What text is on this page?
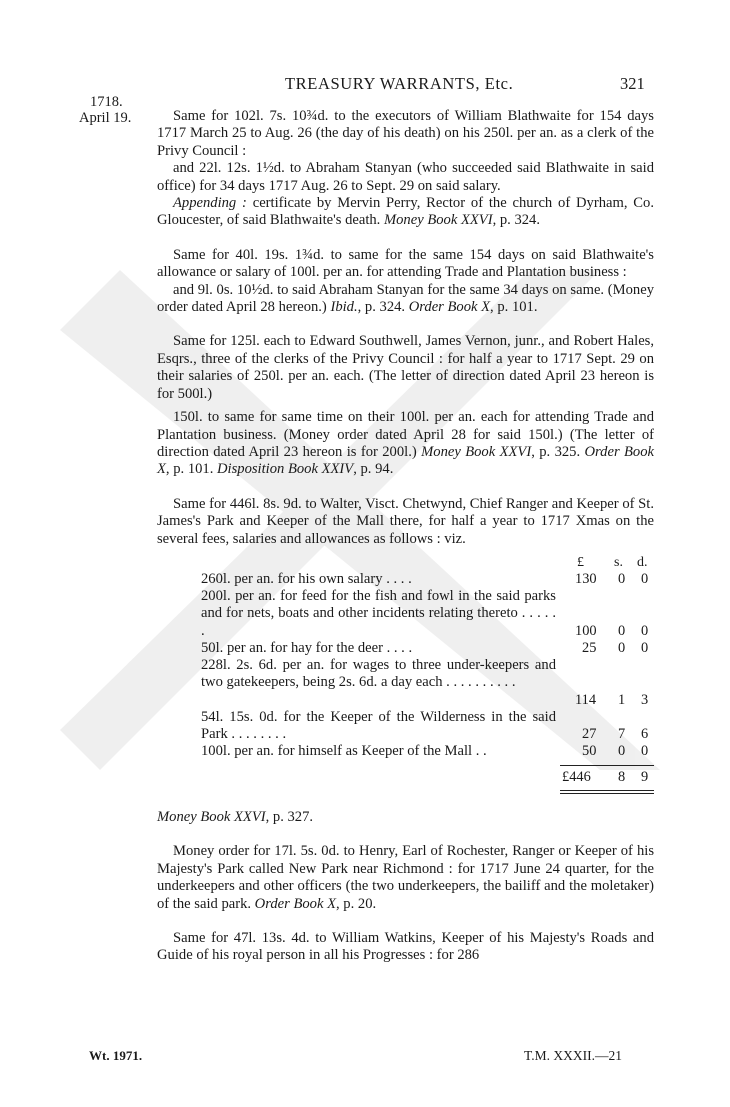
TREASURY WARRANTS, Etc.	321
1718.
April 19.	Same for 102l. 7s. 10¾d. to the executors of William Blathwaite for 154 days 1717 March 25 to Aug. 26 (the day of his death) on his 250l. per an. as a clerk of the Privy Council :

and 22l. 12s. 1½d. to Abraham Stanyan (who succeeded said Blathwaite in said office) for 34 days 1717 Aug. 26 to Sept. 29 on said salary.

Appending : certificate by Mervin Perry, Rector of the church of Dyrham, Co. Gloucester, of said Blathwaite's death. Money Book XXVI, p. 324.

Same for 40l. 19s. 1¾d. to same for the same 154 days on said Blathwaite's allowance or salary of 100l. per an. for attending Trade and Plantation business :

and 9l. 0s. 10½d. to said Abraham Stanyan for the same 34 days on same. (Money order dated April 28 hereon.) Ibid., p. 324. Order Book X, p. 101.

Same for 125l. each to Edward Southwell, James Vernon, junr., and Robert Hales, Esqrs., three of the clerks of the Privy Council : for half a year to 1717 Sept. 29 on their salaries of 250l. per an. each. (The letter of direction dated April 23 hereon is for 500l.)

150l. to same for same time on their 100l. per an. each for attending Trade and Plantation business. (Money order dated April 28 for said 150l.) (The letter of direction dated April 23 hereon is for 200l.) Money Book XXVI, p. 325. Order Book X, p. 101. Disposition Book XXIV, p. 94.

Same for 446l. 8s. 9d. to Walter, Visct. Chetwynd, Chief Ranger and Keeper of St. James's Park and Keeper of the Mall there, for half a year to 1717 Xmas on the several fees, salaries and allowances as follows : viz.

£ s. d.
260l. per an. for his own salary . . . .	130 0 0
200l. per an. for feed for the fish and fowl in the said parks and for nets, boats and other incidents relating thereto . . . . . .	100 0 0
50l. per an. for hay for the deer . . . .	25 0 0
228l. 2s. 6d. per an. for wages to three under-keepers and two gatekeepers, being 2s. 6d. a day each . . . . . . . . . .
114 1 3
54l. 15s. 0d. for the Keeper of the Wilderness in the said Park . . . . . . . .	27 7 6
100l. per an. for himself as Keeper of the Mall . .	50 0 0
£446 8 9

Money Book XXVI, p. 327.

Money order for 17l. 5s. 0d. to Henry, Earl of Rochester, Ranger or Keeper of his Majesty's Park called New Park near Richmond : for 1717 June 24 quarter, for the underkeepers and other officers (the two underkeepers, the bailiff and the moletaker) of the said park. Order Book X, p. 20.

Same for 47l. 13s. 4d. to William Watkins, Keeper of his Majesty's Roads and Guide of his royal person in all his Progresses : for 286

Wt. 1971.	T.M. XXXII.—21
